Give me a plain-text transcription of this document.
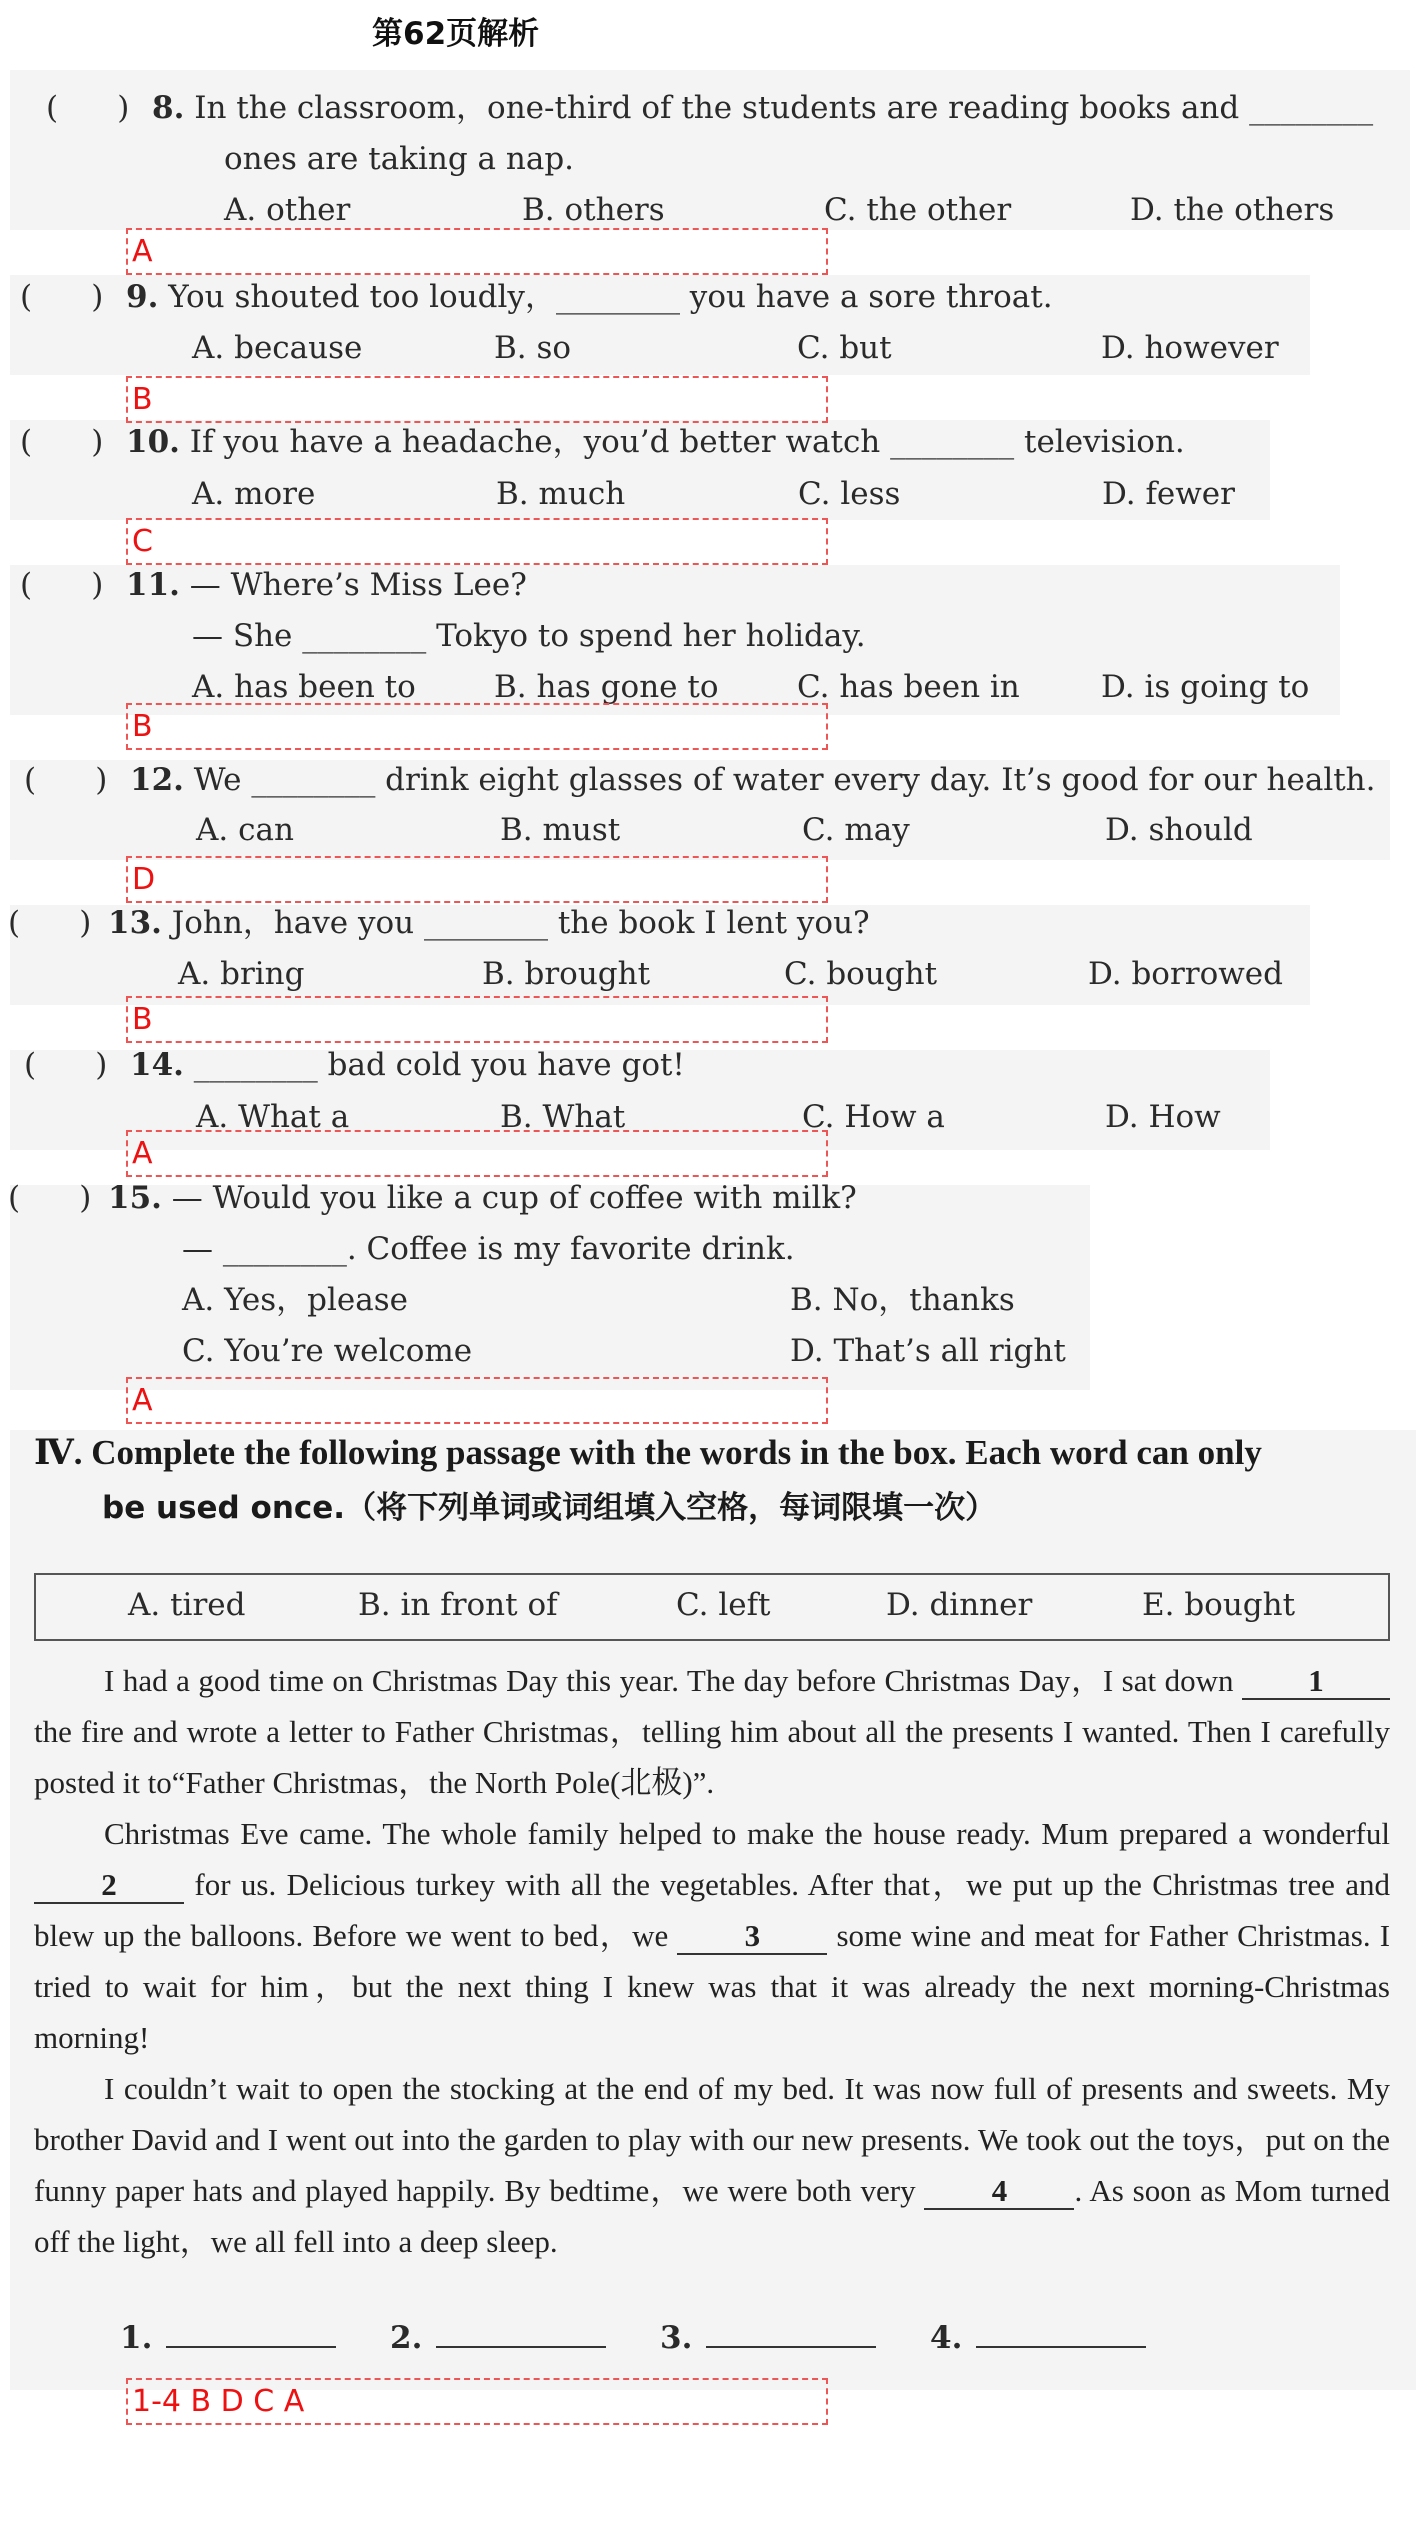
第62页解析
(      ) 8. In the classroom，one-third of the students are reading books and ________
ones are taking a nap.
A. other	B. others	C. the other	D. the others
A
(      ) 9. You shouted too loudly，________ you have a sore throat.
A. because	B. so	C. but	D. however
B
(      ) 10. If you have a headache，you’d better watch ________ television.
A. more	B. much	C. less	D. fewer
C
(      ) 11. — Where’s Miss Lee?
— She ________ Tokyo to spend her holiday.
A. has been to	B. has gone to	C. has been in	D. is going to
B
(      ) 12. We ________ drink eight glasses of water every day. It’s good for our health.
A. can	B. must	C. may	D. should
D
(      ) 13. John，have you ________ the book I lent you?
A. bring	B. brought	C. bought	D. borrowed
B
(      ) 14. ________ bad cold you have got!
A. What a	B. What	C. How a	D. How
A
(      ) 15. — Would you like a cup of coffee with milk?
— ________. Coffee is my favorite drink.
A. Yes，please	B. No，thanks
C. You’re welcome	D. That’s all right
A
Ⅳ. Complete the following passage with the words in the box. Each word can only
be used once.（将下列单词或词组填入空格，每词限填一次）
A. tired	B. in front of	C. left	D. dinner	E. bought

I had a good time on Christmas Day this year. The day before Christmas Day，I sat down 1 the fire and wrote a letter to Father Christmas，telling him about all the presents I wanted. Then I carefully posted it to“Father Christmas，the North Pole(北极)”.

Christmas Eve came. The whole family helped to make the house ready. Mum prepared a wonderful 2	for us. Delicious turkey with all the vegetables. After that，we put up the Christmas tree and blew up the balloons. Before we went to bed，we 3 some wine and meat for Father Christmas. I tried to wait for him，but the next thing I knew was that it was already the next morning-Christmas morning!

I couldn’t wait to open the stocking at the end of my bed. It was now full of presents and sweets. My brother David and I went out into the garden to play with our new presents. We took out the toys，put on the funny paper hats and played happily. By bedtime，we were both very 4 . As soon as Mom turned off the light，we all fell into a deep sleep.

1.	2.	3.	4.
1-4 B D C A
